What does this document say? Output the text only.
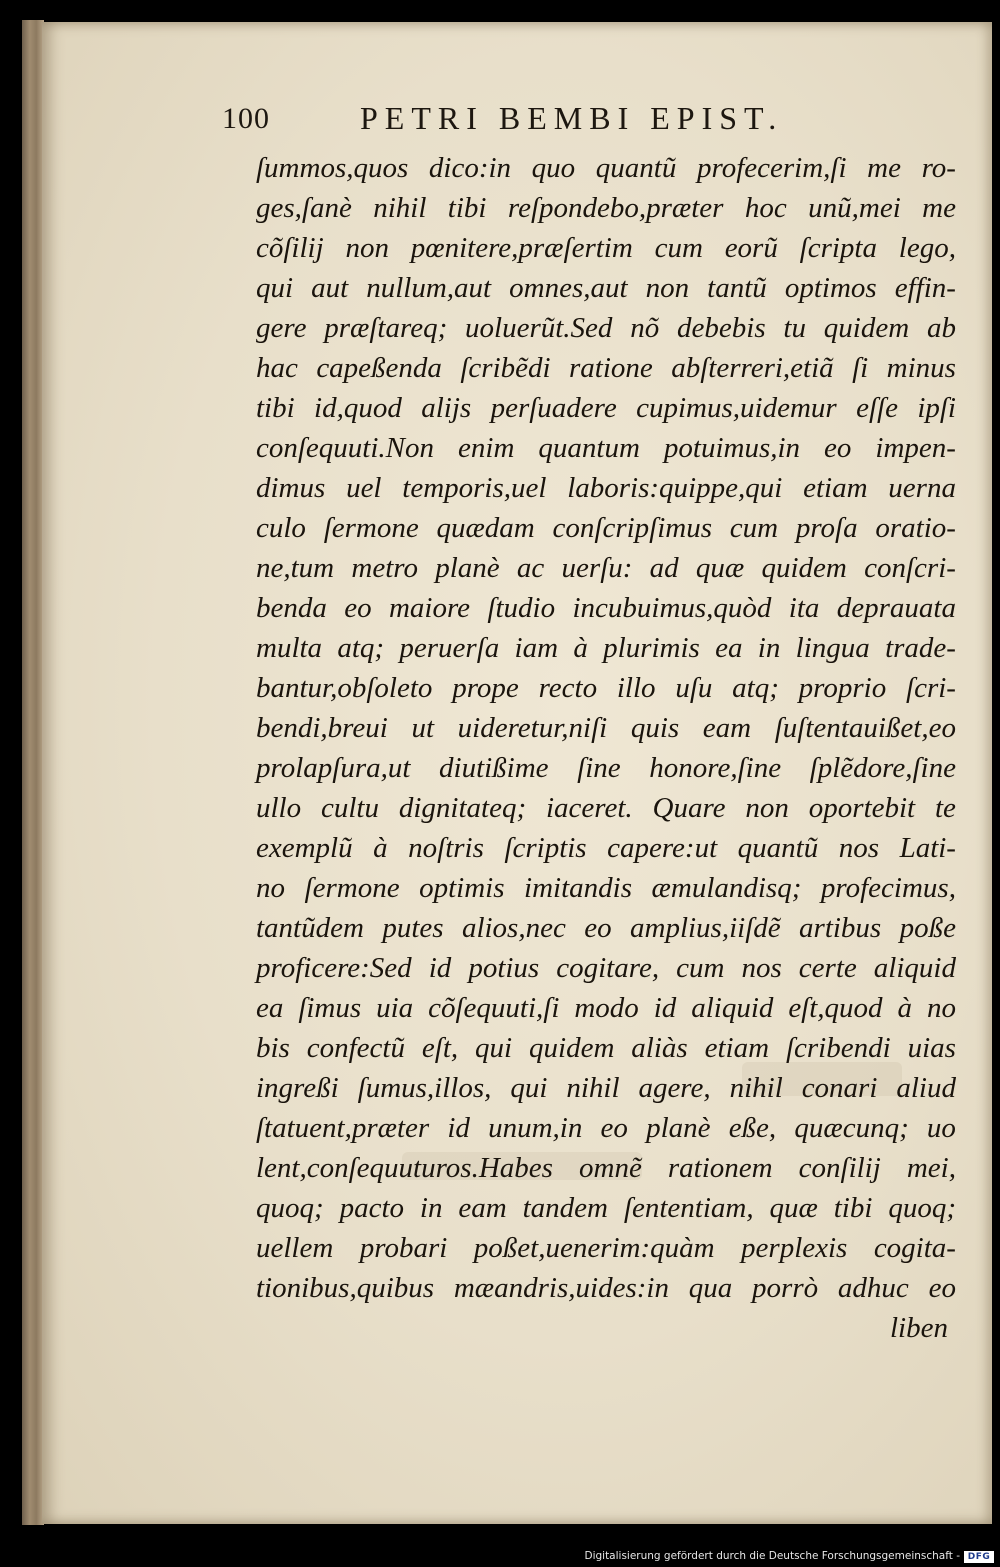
100	PETRI BEMBI EPIST.
ſummos,quos dico:in quo quantũ profecerim,ſi me ro-
ges,ſanè nihil tibi reſpondebo,præter hoc unũ,mei me
cõſilij non pœnitere,præſertim cum eorũ ſcripta lego,
qui aut nullum,aut omnes,aut non tantũ optimos effin-
gere præſtareq; uoluerũt.Sed nõ debebis tu quidem ab
hac capeßenda ſcribẽdi ratione abſterreri,etiã ſi minus
tibi id,quod alijs perſuadere cupimus,uidemur eſſe ipſi
conſequuti.Non enim quantum potuimus,in eo impen-
dimus uel temporis,uel laboris:quippe,qui etiam uerna
culo ſermone quædam conſcripſimus cum proſa oratio-
ne,tum metro planè ac uerſu: ad quæ quidem conſcri-
benda eo maiore ſtudio incubuimus,quòd ita deprauata
multa atq; peruerſa iam à plurimis ea in lingua trade-
bantur,obſoleto prope recto illo uſu atq; proprio ſcri-
bendi,breui ut uideretur,niſi quis eam ſuſtentauißet,eo
prolapſura,ut diutißime ſine honore,ſine ſplẽdore,ſine
ullo cultu dignitateq; iaceret. Quare non oportebit te
exemplũ à noſtris ſcriptis capere:ut quantũ nos Lati-
no ſermone optimis imitandis æmulandisq; profecimus,
tantũdem putes alios,nec eo amplius,iiſdẽ artibus poße
proficere:Sed id potius cogitare, cum nos certe aliquid
ea ſimus uia cõſequuti,ſi modo id aliquid eſt,quod à no
bis confectũ eſt, qui quidem aliàs etiam ſcribendi uias
ingreßi ſumus,illos, qui nihil agere, nihil conari aliud
ſtatuent,præter id unum,in eo planè eße, quæcunq; uo
lent,conſequuturos.Habes omnẽ rationem conſilij mei,
quoq; pacto in eam tandem ſententiam, quæ tibi quoq;
uellem probari poßet,uenerim:quàm perplexis cogita-
tionibus,quibus mæandris,uides:in qua porrò adhuc eo
liben
Digitalisierung gefördert durch die Deutsche Forschungsgemeinschaft - DFG
